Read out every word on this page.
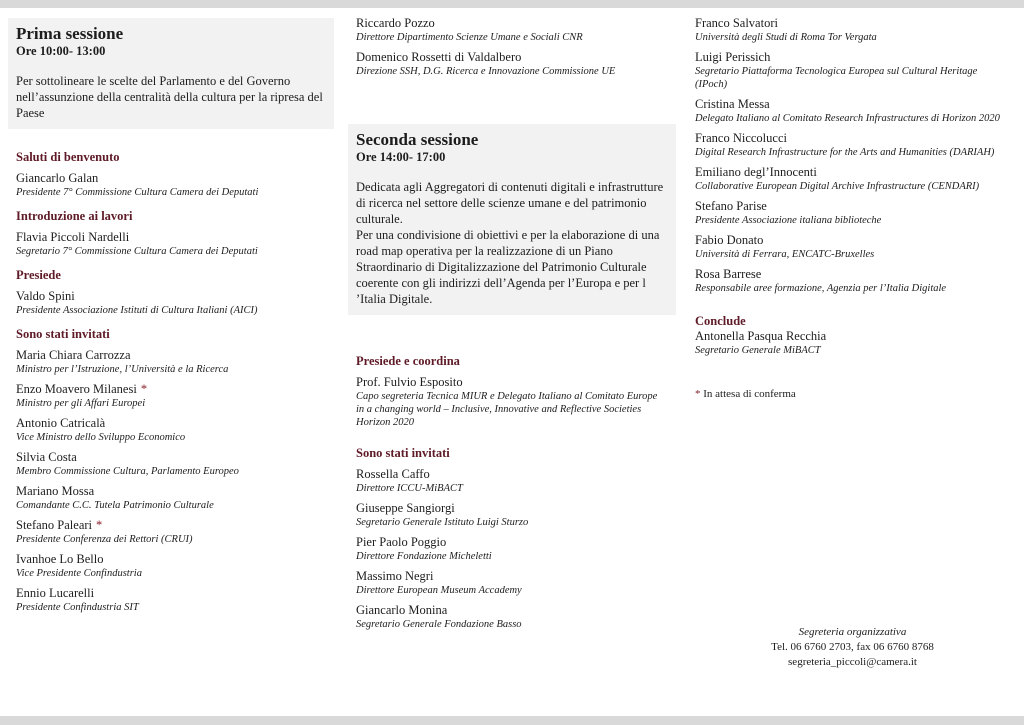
Prima sessione
Ore 10:00- 13:00
Per sottolineare le scelte del Parlamento e del Governo nell’assunzione della centralità della cultura per la ripresa del Paese
Saluti di benvenuto
Giancarlo Galan
Presidente 7° Commissione Cultura Camera dei Deputati
Introduzione ai lavori
Flavia Piccoli Nardelli
Segretario 7° Commissione Cultura Camera dei Deputati
Presiede
Valdo Spini
Presidente Associazione Istituti di Cultura Italiani (AICI)
Sono stati invitati
Maria Chiara Carrozza
Ministro per l’Istruzione, l’Università e la Ricerca
Enzo Moavero Milanesi *
Ministro per gli Affari Europei
Antonio Catricalà
Vice Ministro dello Sviluppo Economico
Silvia Costa
Membro Commissione Cultura, Parlamento Europeo
Mariano Mossa
Comandante C.C. Tutela Patrimonio Culturale
Stefano Paleari *
Presidente Conferenza dei Rettori (CRUI)
Ivanhoe Lo Bello
Vice Presidente Confindustria
Ennio Lucarelli
Presidente Confindustria SIT
Riccardo Pozzo
Direttore Dipartimento Scienze Umane e Sociali CNR
Domenico Rossetti di Valdalbero
Direzione SSH, D.G. Ricerca e Innovazione Commissione UE
Seconda sessione
Ore 14:00- 17:00

Dedicata agli Aggregatori di contenuti digitali e infrastrutture di ricerca nel settore delle scienze umane e del patrimonio culturale.

Per una condivisione di obiettivi e per la elaborazione di una road map operativa per la realizzazione di un Piano Straordinario di Digitalizzazione del Patrimonio Culturale coerente con gli indirizzi dell’Agenda per l’Europa e per l ’Italia Digitale.

Presiede e coordina
Prof. Fulvio Esposito
Capo segreteria Tecnica MIUR e Delegato Italiano al Comitato Europe in a changing world – Inclusive, Innovative and Reflective Societies Horizon 2020
Sono stati invitati
Rossella Caffo
Direttore ICCU-MiBACT
Giuseppe Sangiorgi
Segretario Generale Istituto Luigi Sturzo
Pier Paolo Poggio
Direttore Fondazione Micheletti
Massimo Negri
Direttore European Museum Accademy
Giancarlo Monina
Segretario Generale Fondazione Basso
Franco Salvatori
Università degli Studi di Roma Tor Vergata
Luigi Perissich
Segretario Piattaforma Tecnologica Europea sul Cultural Heritage (IPoch)
Cristina Messa
Delegato Italiano al Comitato Research Infrastructures di Horizon 2020
Franco Niccolucci
Digital Research Infrastructure for the Arts and Humanities (DARIAH)
Emiliano degl’Innocenti
Collaborative European Digital Archive Infrastructure (CENDARI)
Stefano Parise
Presidente Associazione italiana biblioteche
Fabio Donato
Università di Ferrara, ENCATC-Bruxelles
Rosa Barrese
Responsabile aree formazione, Agenzia per l’Italia Digitale
Conclude
Antonella Pasqua Recchia
Segretario Generale MiBACT
* In attesa di conferma
Segreteria organizzativa
Tel. 06 6760 2703, fax 06 6760 8768
segreteria_piccoli@camera.it
